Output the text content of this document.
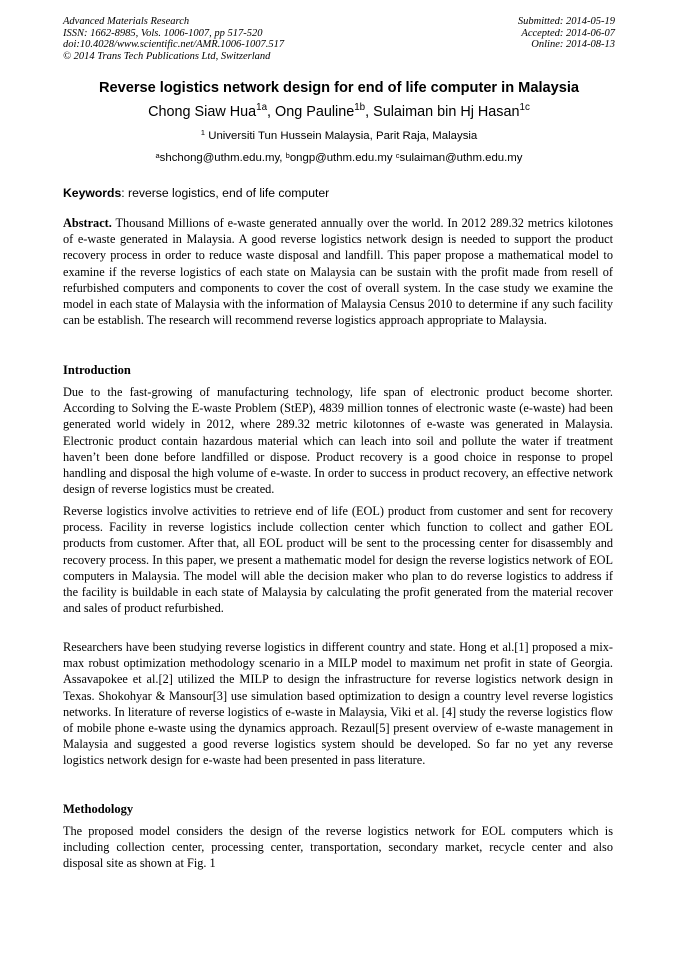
Advanced Materials Research
ISSN: 1662-8985, Vols. 1006-1007, pp 517-520
doi:10.4028/www.scientific.net/AMR.1006-1007.517
© 2014 Trans Tech Publications Ltd, Switzerland
Submitted: 2014-05-19
Accepted: 2014-06-07
Online: 2014-08-13
Reverse logistics network design for end of life computer in Malaysia
Chong Siaw Hua$^{1a}$, Ong Pauline$^{1b}$, Sulaiman bin Hj Hasan$^{1c}$
$^1$ Universiti Tun Hussein Malaysia, Parit Raja, Malaysia
$^a$shchong@uthm.edu.my, $^b$ongp@uthm.edu.my $^c$sulaiman@uthm.edu.my
Keywords: reverse logistics, end of life computer

Abstract. Thousand Millions of e-waste generated annually over the world. In 2012 289.32 metrics kilotones of e-waste generated in Malaysia. A good reverse logistics network design is needed to support the product recovery process in order to reduce waste disposal and landfill. This paper propose a mathematical model to examine if the reverse logistics of each state on Malaysia can be sustain with the profit made from resell of refurbished computers and components to cover the cost of overall system. In the case study we examine the model in each state of Malaysia with the information of Malaysia Census 2010 to determine if any such facility can be establish. The research will recommend reverse logistics approach appropriate to Malaysia.

Introduction

Due to the fast-growing of manufacturing technology, life span of electronic product become shorter. According to Solving the E-waste Problem (StEP), 4839 million tonnes of electronic waste (e-waste) had been generated world widely in 2012, where 289.32 metric kilotonnes of e-waste was generated in Malaysia. Electronic product contain hazardous material which can leach into soil and pollute the water if treatment haven’t been done before landfilled or dispose. Product recovery is a good choice in response to propel handling and disposal the high volume of e-waste. In order to success in product recovery, an effective network design of reverse logistics must be created.

Reverse logistics involve activities to retrieve end of life (EOL) product from customer and sent for recovery process. Facility in reverse logistics include collection center which function to collect and gather EOL products from customer. After that, all EOL product will be sent to the processing center for disassembly and recovery process. In this paper, we present a mathematic model for design the reverse logistics network of EOL computers in Malaysia. The model will able the decision maker who plan to do reverse logistics to address if the facility is buildable in each state of Malaysia by calculating the profit generated from the material recover and sales of product refurbished.

Researchers have been studying reverse logistics in different country and state. Hong et al.[1] proposed a mix-max robust optimization methodology scenario in a MILP model to maximum net profit in state of Georgia. Assavapokee et al.[2] utilized the MILP to design the infrastructure for reverse logistics network design in Texas. Shokohyar & Mansour[3] use simulation based optimization to design a country level reverse logistics networks. In literature of reverse logistics of e-waste in Malaysia, Viki et al. [4] study the reverse logistics flow of mobile phone e-waste using the dynamics approach. Rezaul[5] present overview of e-waste management in Malaysia and suggested a good reverse logistics system should be developed. So far no yet any reverse logistics network design for e-waste had been presented in pass literature.

Methodology

The proposed model considers the design of the reverse logistics network for EOL computers which is including collection center, processing center, transportation, secondary market, recycle center and also disposal site as shown at Fig. 1
